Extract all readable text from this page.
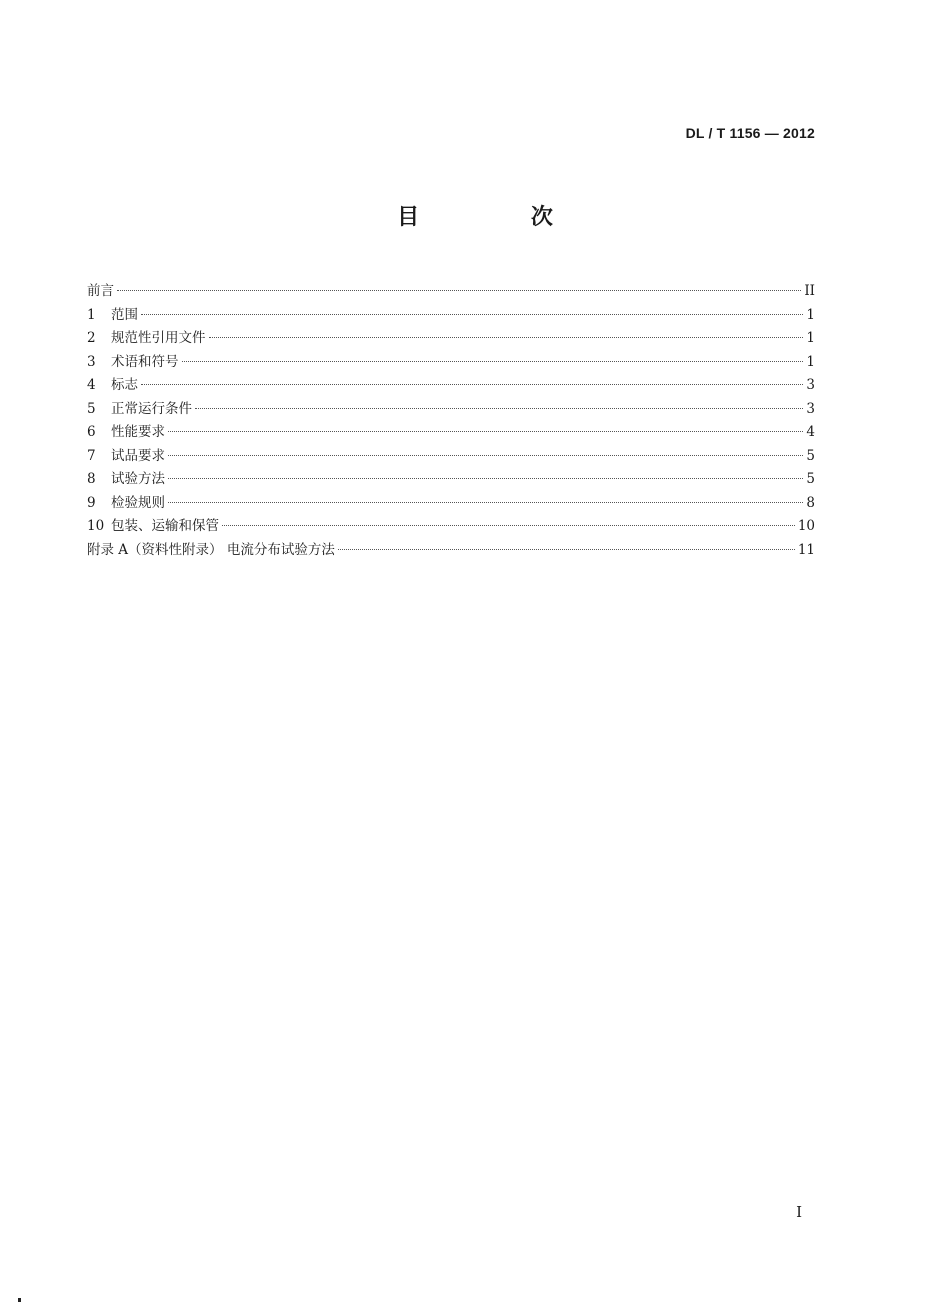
DL / T 1156 — 2012
目 次
前言	II
1	范围	1
2	规范性引用文件	1
3	术语和符号	1
4	标志	3
5	正常运行条件	3
6	性能要求	4
7	试品要求	5
8	试验方法	5
9	检验规则	8
10 包装、运输和保管	10
附录 A（资料性附录） 电流分布试验方法	11
I
